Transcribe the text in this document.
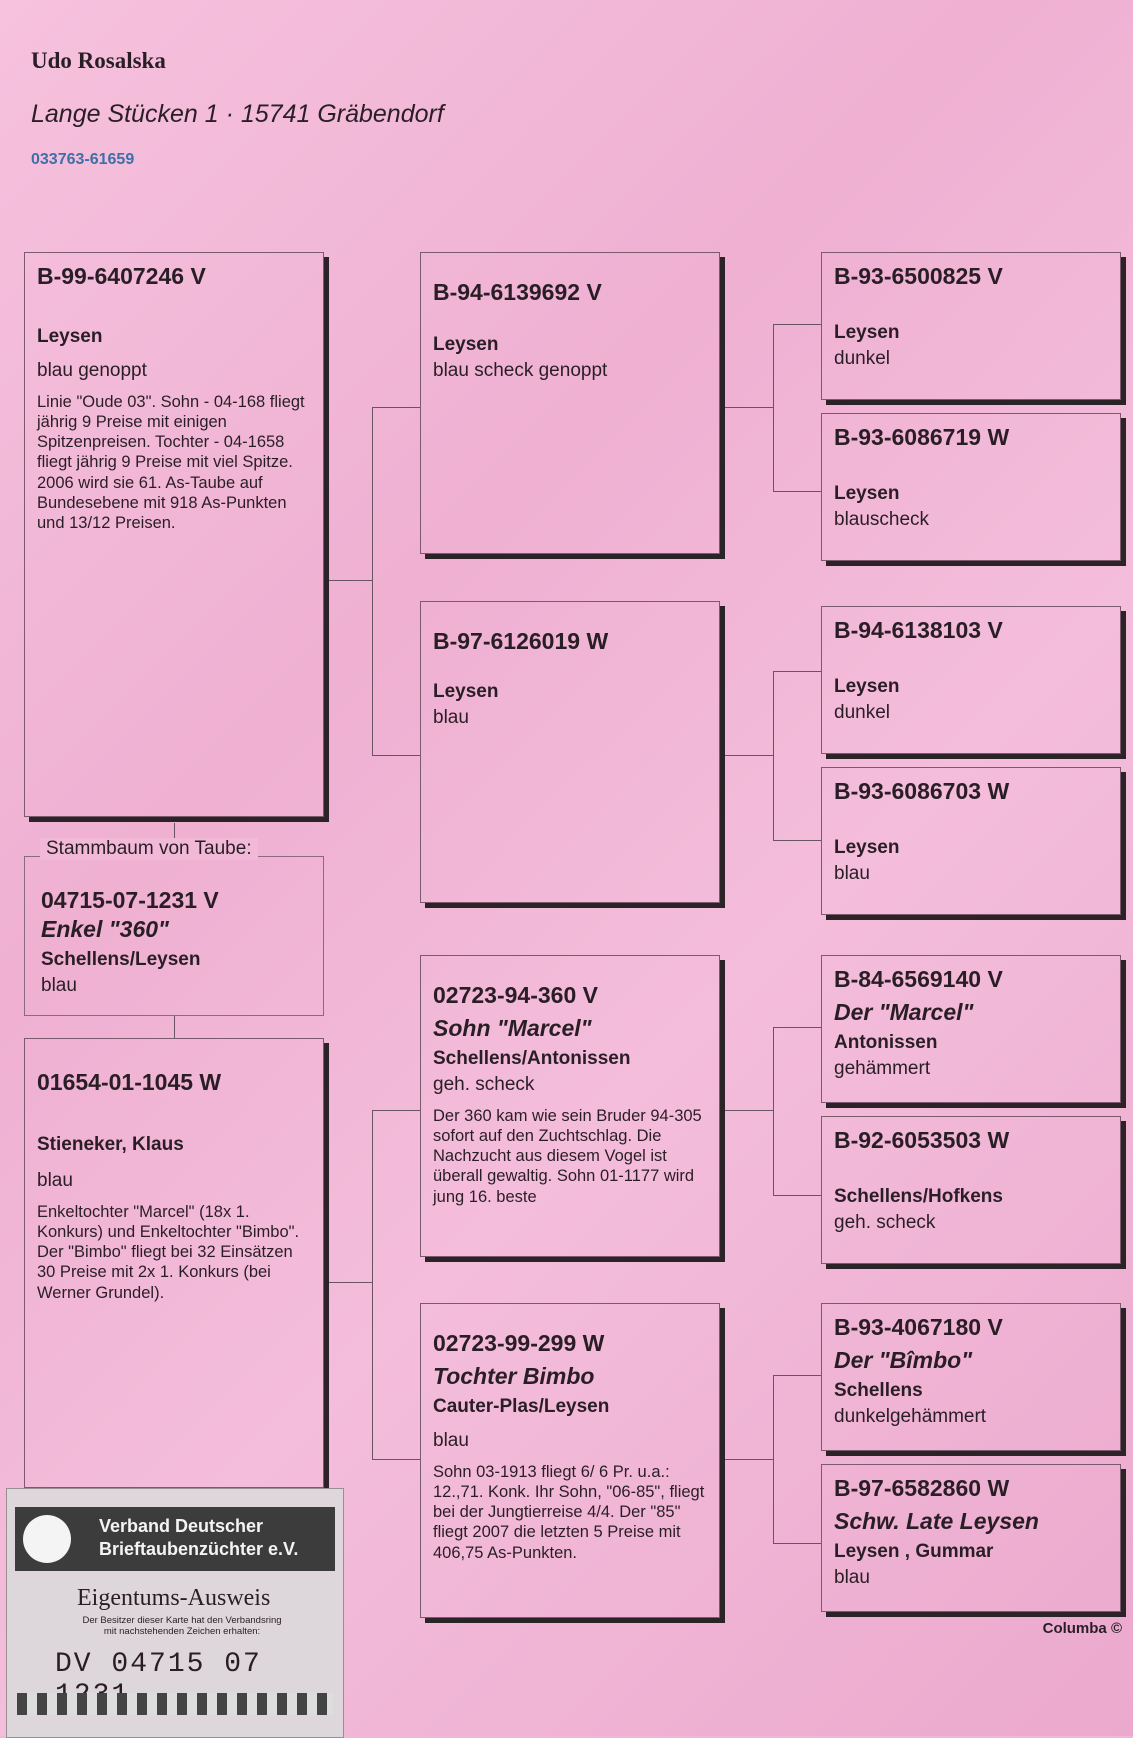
Udo Rosalska
Lange Stücken 1 · 15741 Gräbendorf
033763-61659
B-99-6407246 V
Leysen
blau genoppt
Linie "Oude 03". Sohn - 04-168 fliegt jährig 9 Preise mit einigen Spitzenpreisen. Tochter - 04-1658 fliegt jährig 9 Preise mit viel Spitze. 2006 wird sie 61. As-Taube auf Bundesebene mit 918 As-Punkten und 13/12 Preisen.
01654-01-1045 W
Stieneker, Klaus
blau
Enkeltochter "Marcel" (18x 1. Konkurs) und Enkeltochter "Bimbo". Der "Bimbo" fliegt bei 32 Einsätzen 30 Preise mit 2x 1. Konkurs (bei Werner Grundel).
04715-07-1231 V
Enkel "360"
Schellens/Leysen
blau
Stammbaum von Taube:
B-94-6139692 V
Leysen
blau scheck genoppt
B-97-6126019 W
Leysen
blau
02723-94-360 V
Sohn "Marcel"
Schellens/Antonissen
geh. scheck
Der 360 kam wie sein Bruder 94-305 sofort auf den Zuchtschlag. Die Nachzucht aus diesem Vogel ist überall gewaltig. Sohn 01-1177 wird jung 16. beste
02723-99-299 W
Tochter Bimbo
Cauter-Plas/Leysen
blau
Sohn 03-1913 fliegt 6/ 6 Pr. u.a.: 12.,71. Konk. Ihr Sohn, "06-85", fliegt bei der Jungtierreise 4/4. Der "85" fliegt 2007 die letzten 5 Preise mit 406,75 As-Punkten.
B-93-6500825 V
Leysen
dunkel
B-93-6086719 W
Leysen
blauscheck
B-94-6138103 V
Leysen
dunkel
B-93-6086703 W
Leysen
blau
B-84-6569140 V
Der "Marcel"
Antonissen
gehämmert
B-92-6053503 W
Schellens/Hofkens
geh. scheck
B-93-4067180 V
Der "Bîmbo"
Schellens
dunkelgehämmert
B-97-6582860 W
Schw. Late Leysen
Leysen , Gummar
blau
Columba ©
Verband Deutscher
Brieftaubenzüchter e.V.
Eigentums-Ausweis
Der Besitzer dieser Karte hat den Verbandsring
mit nachstehenden Zeichen erhalten:
DV 04715 07
